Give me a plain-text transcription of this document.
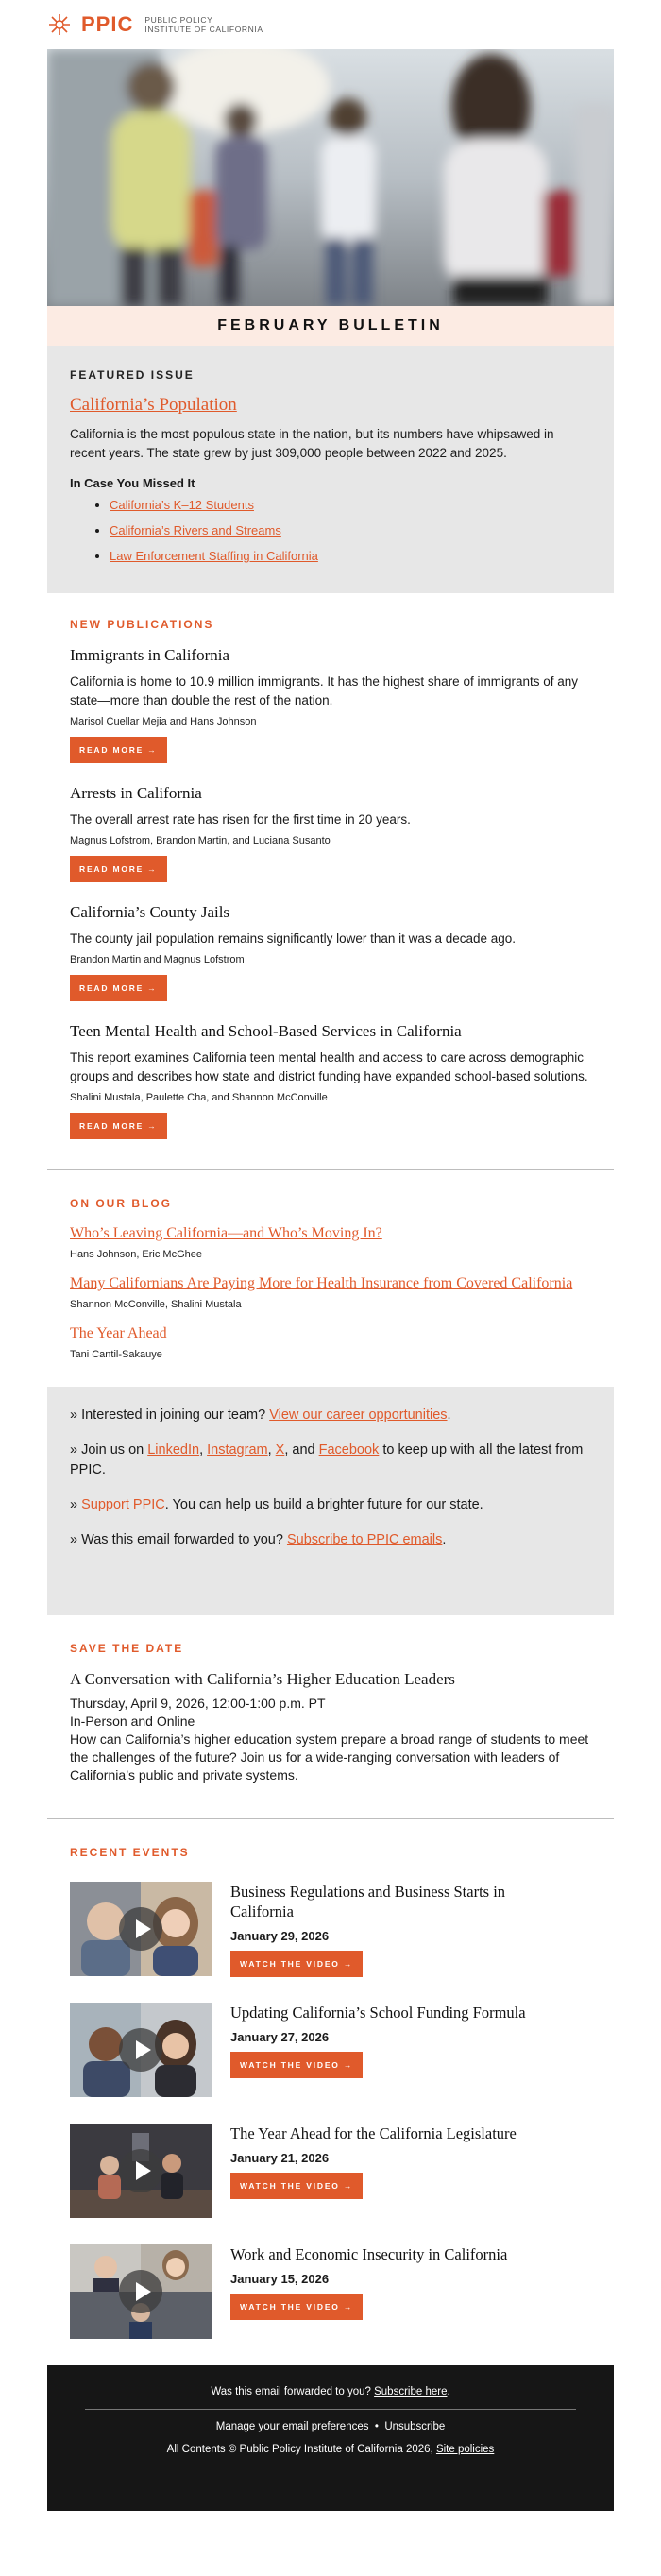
PPIC PUBLIC POLICY
INSTITUTE OF CALIFORNIA
FEBRUARY BULLETIN
FEATURED ISSUE
California’s Population
California is the most populous state in the nation, but its numbers have whipsawed in recent years. The state grew by just 309,000 people between 2022 and 2025.
In Case You Missed It
• California’s K–12 Students
• California’s Rivers and Streams
• Law Enforcement Staffing in California
NEW PUBLICATIONS
Immigrants in California
California is home to 10.9 million immigrants. It has the highest share of immigrants of any state—more than double the rest of the nation.
Marisol Cuellar Mejia and Hans Johnson
READ MORE →
Arrests in California
The overall arrest rate has risen for the first time in 20 years.
Magnus Lofstrom, Brandon Martin, and Luciana Susanto
READ MORE →
California’s County Jails
The county jail population remains significantly lower than it was a decade ago.
Brandon Martin and Magnus Lofstrom
READ MORE →
Teen Mental Health and School-Based Services in California
This report examines California teen mental health and access to care across demographic groups and describes how state and district funding have expanded school-based solutions.
Shalini Mustala, Paulette Cha, and Shannon McConville
READ MORE →
ON OUR BLOG
Who’s Leaving California—and Who’s Moving In?
Hans Johnson, Eric McGhee
Many Californians Are Paying More for Health Insurance from Covered California
Shannon McConville, Shalini Mustala
The Year Ahead
Tani Cantil-Sakauye

» Interested in joining our team? View our career opportunities.

» Join us on LinkedIn, Instagram, X, and Facebook to keep up with all the latest from PPIC.

» Support PPIC. You can help us build a brighter future for our state.

» Was this email forwarded to you? Subscribe to PPIC emails.

SAVE THE DATE
A Conversation with California’s Higher Education Leaders
Thursday, April 9, 2026, 12:00-1:00 p.m. PT
In-Person and Online
How can California’s higher education system prepare a broad range of students to meet the challenges of the future? Join us for a wide-ranging conversation with leaders of California’s public and private systems.
RECENT EVENTS
Business Regulations and Business Starts in California
January 29, 2026
WATCH THE VIDEO →
Updating California’s School Funding Formula
January 27, 2026
WATCH THE VIDEO →
The Year Ahead for the California Legislature
January 21, 2026
WATCH THE VIDEO →
Work and Economic Insecurity in California
January 15, 2026
WATCH THE VIDEO →
Was this email forwarded to you? Subscribe here.
Manage your email preferences • Unsubscribe
All Contents © Public Policy Institute of California 2026, Site policies
